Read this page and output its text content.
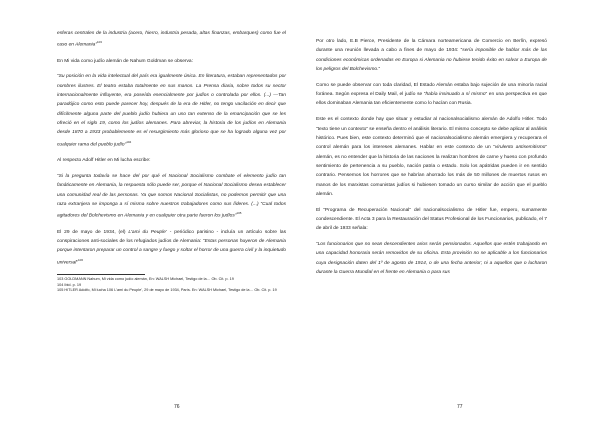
esferas centrales de la industria (acero, hierro, industria pesada, altas finanzas, embarques) como fue el caso en Alemania”$^{103}$

En Mi vida como judío alemán de Nahum Goldman se observa:

“Su posición en la vida intelectual del país era igualmente única. En literatura, estaban representados por nombres ilustres. El teatro estaba totalmente en sus manos. La Prensa diaria, sobre todos su sector internacionalmente influyente, era poseída esencialmente por judíos o controlada por ellos. (...) —Tan paradójico como esto puede parecer hoy, después de la era de Hitler, no tengo vacilación en decir que difícilmente alguna parte del pueblo judío hubiera un uso tan extenso de la emancipación que se les ofreció en el siglo 19, como los judíos alemanes. Para abreviar, la historia de los judíos en Alemania desde 1870 a 1933 probablemente es el resurgimiento más glorioso que se ha logrado alguna vez por cualquier rama del pueblo judío”$^{104}$

Al respecto Adolf Hitler en Mi lucha escribe:

“Si la pregunta todavía se hace del por qué el Nacional Socialismo combate el elemento judío tan fanáticamente en Alemania, la respuesta sólo puede ser, porque el Nacional Socialismo desea establecer una comunidad real de las personas. Ya que somos Nacional Socialistas, no podemos permitir que una raza extranjera se imponga a sí misma sobre nuestros trabajadores como sus líderes. (...) “Cual todos agitadores del Bolchevismo en Alemania y en cualquier otra parte fueron los judíos”$^{105}$

El 29 de mayo de 1934, (el) L’ami du Peuple’ - periódico parisino - incluía un artículo sobre las conspiraciones anti-sociales de los refugiados judíos de Alemania: “Estas personas huyeron de Alemania porque intentaron preparar un control a sangre y fuego y soltar el horror de una guerra civil y la inquietudo universal”$^{106}$

103 GOLDMANN Nahum, Mi vida como judío alemán, En: WALSH Michael, Testigo de la… Ob. Cit. p. 19

104 Ibid. p. 19

105 HITLER Adolfo, Mi lucha 106 L’ami du Peuple’, 29 de mayo de 1934, París. En: WALSH Michael, Testigo de la… Ob. Cit. p. 19

76

Por otro lado, E.B Pierce, Presidente de la Cámara norteamericana de Comercio en Berlín, expresó durante una reunión llevada a cabo a fines de mayo de 1934: “sería imposible de hablar más de las condiciones económicas ordenadas en Europa si Alemania no hubiese tenido éxito en salvar a Europa de los peligros del Bolchevismo.”

Como se puede observar con toda claridad, El Estado Alemán estaba bajo sujeción de una minoría racial foránea. Según expresa el Daily Mail, el judío se “había insinuado a sí mismo” en una perspectiva en que ellos dominaban Alemania tan eficientemente como lo hacían con Rusia.

Este es el contexto donde hay que situar y estudiar al nacionalsocialismo alemán de Adolfo Hitler. Todo “texto tiene un contexto” se enseña dentro el análisis literario. El mismo concepto se debe aplicar al análisis histórico. Pues bien, este contexto determinó que el nacionalsocialismo alemán emergiera y recuperara el control alemán para los intereses alemanes. Hablar en este contexto de un “virulento antisemitismo” alemán, es no entender que la historia de las naciones la realizan hombres de carne y hueso con profundo sentimiento de pertenencia a su pueblo, nación patria o estado. Solo los apátridas pueden ir en sentido contrario. Pensemos los horrores que se habrían ahorrado los más de 50 millones de muertos rusos en manos de los marxistas comunistas judíos si hubiesen tomado un curso similar de acción que el pueblo alemán.

El “Programa de Recuperación Nacional” del nacionalsocialismo de Hitler fue, empero, sumamente condescendiente. El Acta 3 para la Restauración del Status Profesional de los Funcionarios, publicado, el 7 de abril de 1933 señala:

“Los funcionarios que no sean descendientes arios serán pensionados. Aquellos que estén trabajando en una capacidad honoraria serán removidos de su oficina. Esta provisión no se aplicable a los funcionarios cuya designación daten del 1º de agosto de 1914, o de una fecha anterior; ni a aquellos que o lucharon durante la Guerra Mundial en el frente en Alemania o para sus

77
